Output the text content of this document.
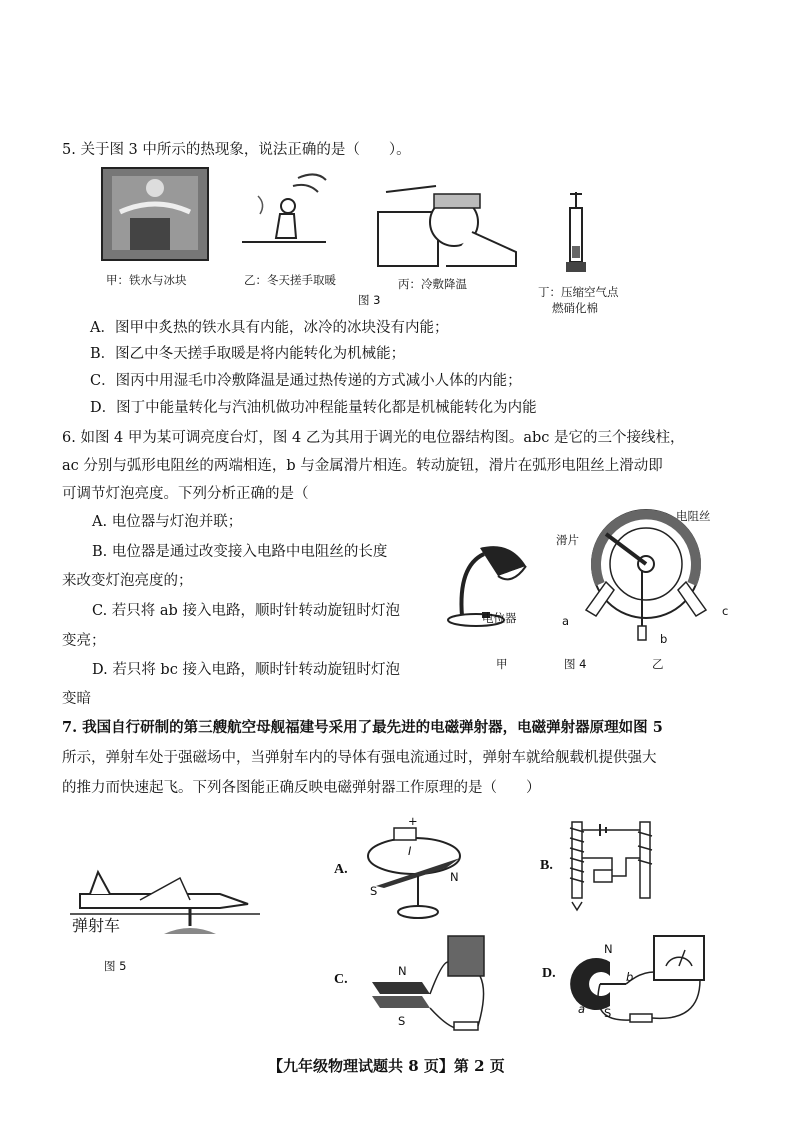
5. 关于图 3 中所示的热现象，说法正确的是（　　）。
甲：铁水与冰块	乙：冬天搓手取暖	丙：冷敷降温
图 3
丁：压缩空气点
燃硝化棉
A．图甲中炙热的铁水具有内能，冰冷的冰块没有内能；
B．图乙中冬天搓手取暖是将内能转化为机械能；
C．图丙中用湿毛巾冷敷降温是通过热传递的方式减小人体的内能；
D．图丁中能量转化与汽油机做功冲程能量转化都是机械能转化为内能
6. 如图 4 甲为某可调亮度台灯，图 4 乙为其用于调光的电位器结构图。abc 是它的三个接线柱，
ac 分别与弧形电阻丝的两端相连，b 与金属滑片相连。转动旋钮，滑片在弧形电阻丝上滑动即
可调节灯泡亮度。下列分析正确的是（
A. 电位器与灯泡并联；
B. 电位器是通过改变接入电路中电阻丝的长度
来改变灯泡亮度的；
C. 若只将 ab 接入电路，顺时针转动旋钮时灯泡
变亮；
D. 若只将 bc 接入电路，顺时针转动旋钮时灯泡
变暗
电位器
甲	图 4	乙
滑片
电阻丝
a
b
c
7. 我国自行研制的第三艘航空母舰福建号采用了最先进的电磁弹射器，电磁弹射器原理如图 5
所示，弹射车处于强磁场中，当弹射车内的导体有强电流通过时，弹射车就给舰载机提供强大
的推力而快速起飞。下列各图能正确反映电磁弹射器工作原理的是（　　）
弹射车
图 5
A.
+
I
S
N
B.
C.
N
S
D.
N
S
a
b
【九年级物理试题共 8 页】第 2 页
